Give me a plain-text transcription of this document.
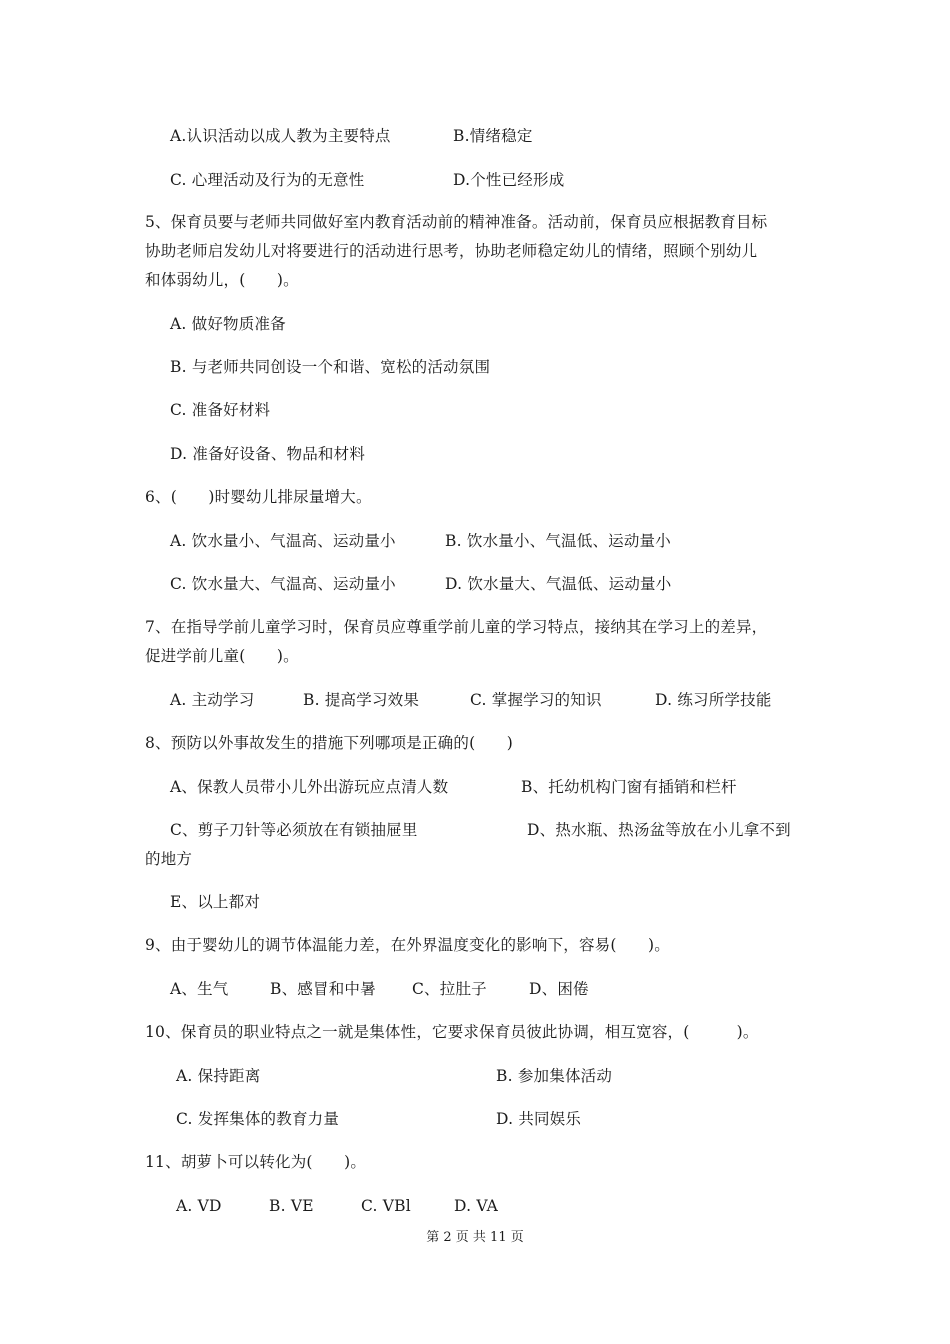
A.认识活动以成人教为主要特点	B.情绪稳定
C. 心理活动及行为的无意性	D.个性已经形成
5、保育员要与老师共同做好室内教育活动前的精神准备。活动前，保育员应根据教育目标
协助老师启发幼儿对将要进行的活动进行思考，协助老师稳定幼儿的情绪，照顾个别幼儿
和体弱幼儿，(　　)。
A. 做好物质准备
B. 与老师共同创设一个和谐、宽松的活动氛围
C. 准备好材料
D. 准备好设备、物品和材料
6、(　　)时婴幼儿排尿量增大。
A. 饮水量小、气温高、运动量小	B. 饮水量小、气温低、运动量小
C. 饮水量大、气温高、运动量小	D. 饮水量大、气温低、运动量小
7、在指导学前儿童学习时，保育员应尊重学前儿童的学习特点，接纳其在学习上的差异，
促进学前儿童(　　)。
A. 主动学习	B. 提高学习效果	C. 掌握学习的知识	D. 练习所学技能
8、预防以外事故发生的措施下列哪项是正确的(　　)
A、保教人员带小儿外出游玩应点清人数	B、托幼机构门窗有插销和栏杆
C、剪子刀针等必须放在有锁抽屉里	D、热水瓶、热汤盆等放在小儿拿不到
的地方
E、以上都对
9、由于婴幼儿的调节体温能力差，在外界温度变化的影响下，容易(　　)。
A、生气	B、感冒和中暑 C、拉肚子	D、困倦
10、保育员的职业特点之一就是集体性，它要求保育员彼此协调，相互宽容，(　　　)。
A. 保持距离	B. 参加集体活动
C. 发挥集体的教育力量	D. 共同娱乐
11、胡萝卜可以转化为(　　)。
A. VD	B. VE	C. VBl	D. VA
第 2 页 共 11 页
